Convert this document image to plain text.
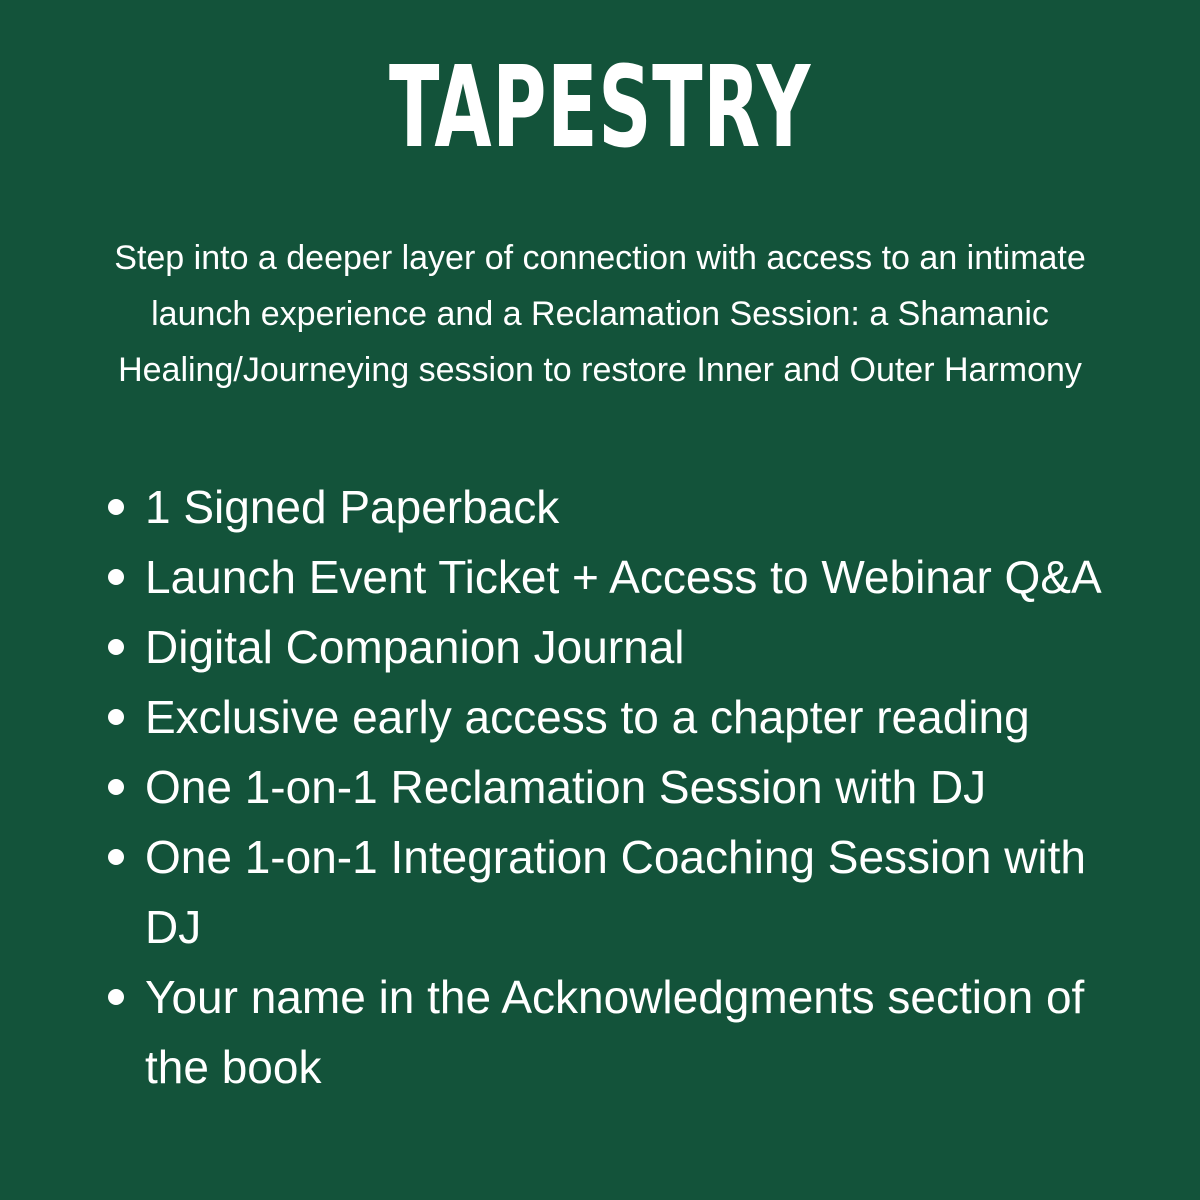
TAPESTRY

Step into a deeper layer of connection with access to an intimate launch experience and a Reclamation Session: a Shamanic Healing/Journeying session to restore Inner and Outer Harmony

1 Signed Paperback
Launch Event Ticket + Access to Webinar Q&A
Digital Companion Journal
Exclusive early access to a chapter reading
One 1-on-1 Reclamation Session with DJ
One 1-on-1 Integration Coaching Session with DJ
Your name in the Acknowledgments section of the book
